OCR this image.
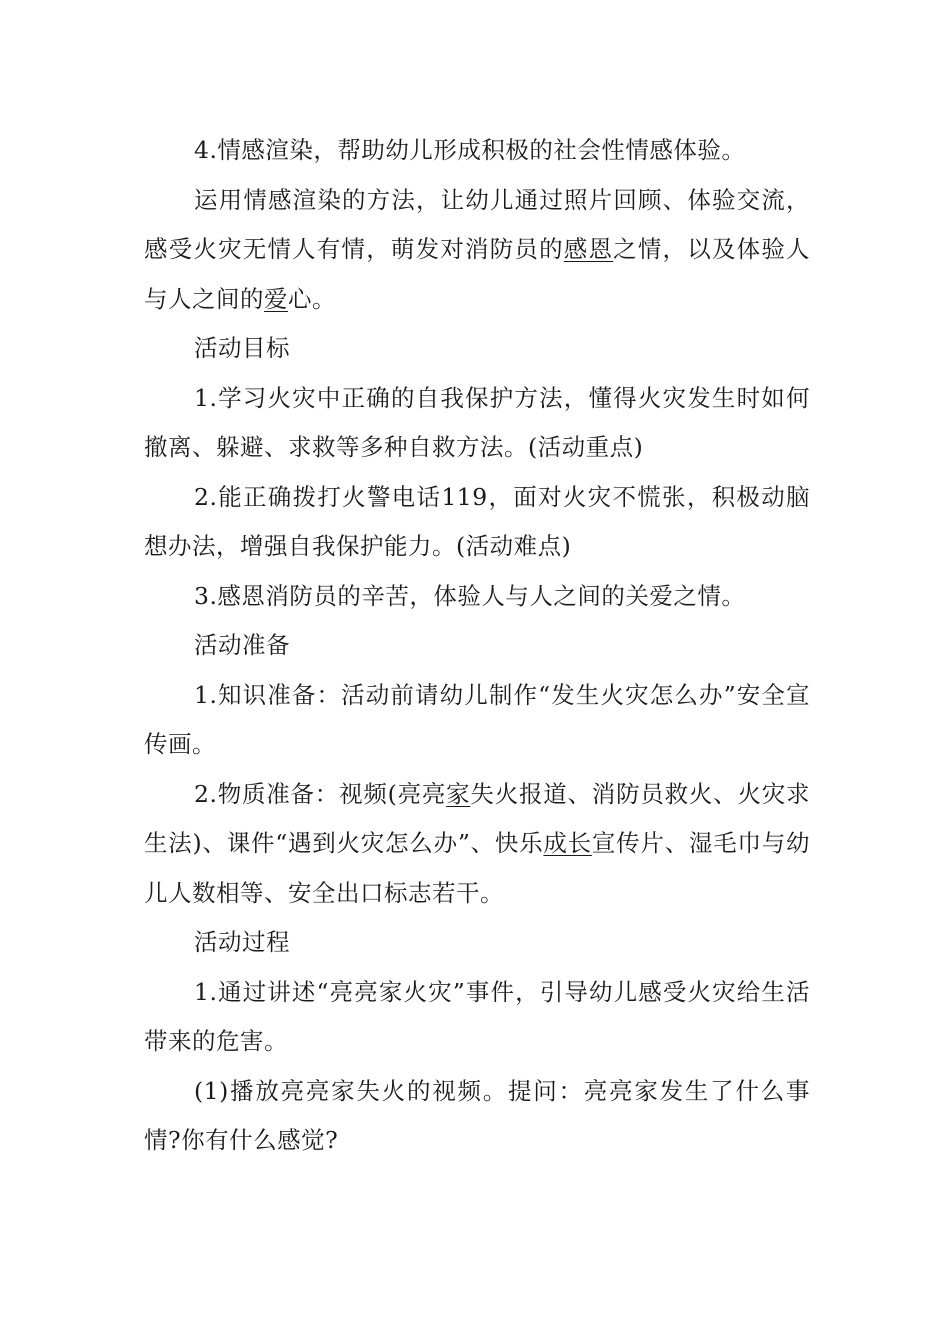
4.情感渲染，帮助幼儿形成积极的社会性情感体验。

运用情感渲染的方法，让幼儿通过照片回顾、体验交流，感受火灾无情人有情，萌发对消防员的感恩之情，以及体验人与人之间的爱心。

活动目标

1.学习火灾中正确的自我保护方法，懂得火灾发生时如何撤离、躲避、求救等多种自救方法。(活动重点)

2.能正确拨打火警电话119，面对火灾不慌张，积极动脑想办法，增强自我保护能力。(活动难点)

3.感恩消防员的辛苦，体验人与人之间的关爱之情。

活动准备

1.知识准备：活动前请幼儿制作“发生火灾怎么办”安全宣传画。

2.物质准备：视频(亮亮家失火报道、消防员救火、火灾求生法)、课件“遇到火灾怎么办”、快乐成长宣传片、湿毛巾与幼儿人数相等、安全出口标志若干。

活动过程

1.通过讲述“亮亮家火灾”事件，引导幼儿感受火灾给生活带来的危害。

(1)播放亮亮家失火的视频。提问：亮亮家发生了什么事情?你有什么感觉?
